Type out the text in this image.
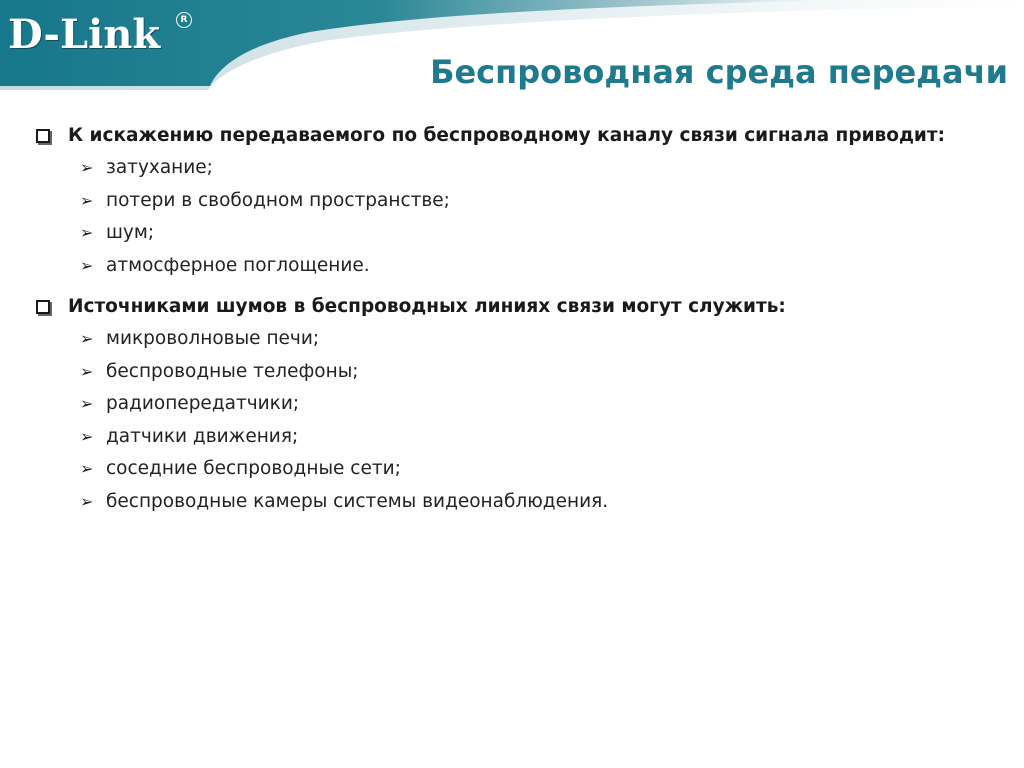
D-Link	R
Беспроводная среда передачи
К искажению передаваемого по беспроводному каналу связи сигнала приводит:
➢ затухание;
➢ потери в свободном пространстве;
➢ шум;
➢ атмосферное поглощение.
Источниками шумов в беспроводных линиях связи могут служить:
➢ микроволновые печи;
➢ беспроводные телефоны;
➢ радиопередатчики;
➢ датчики движения;
➢ соседние беспроводные сети;
➢ беспроводные камеры системы видеонаблюдения.
